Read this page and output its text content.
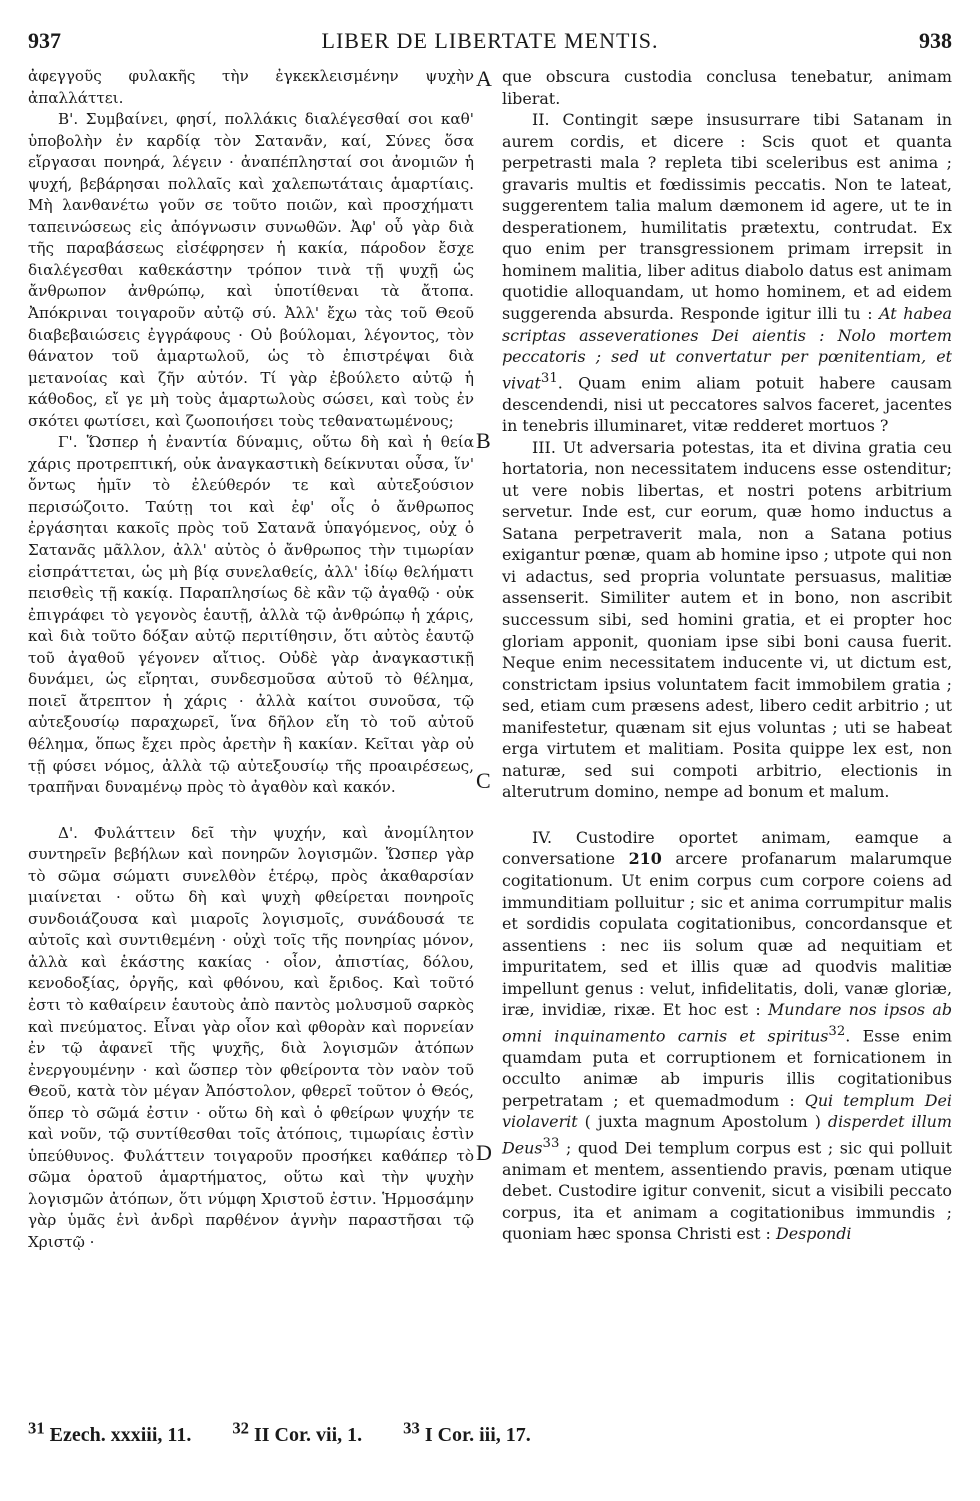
937	LIBER DE LIBERTATE MENTIS.	938

ἀφεγγοῦς φυλακῆς τὴν ἐγκεκλεισμένην ψυχὴν ἀπαλλάττει.

Β'. Συμβαίνει, φησί, πολλάκις διαλέγεσθαί σοι καθ' ὑποβολὴν ἐν καρδίᾳ τὸν Σατανᾶν, καί, Σύνες ὅσα εἴργασαι πονηρά, λέγειν · ἀναπέπλησταί σοι ἀνομιῶν ἡ ψυχή, βεβάρησαι πολλαῖς καὶ χαλεπωτάταις ἁμαρτίαις. Μὴ λανθανέτω γοῦν σε τοῦτο ποιῶν, καὶ προσχήματι ταπεινώσεως εἰς ἀπόγνωσιν συνωθῶν. Ἀφ' οὗ γὰρ διὰ τῆς παραβάσεως εἰσέφρησεν ἡ κακία, πάροδον ἔσχε διαλέγεσθαι καθεκάστην τρόπον τινὰ τῇ ψυχῇ ὡς ἄνθρωπον ἀνθρώπῳ, καὶ ὑποτίθεναι τὰ ἄτοπα. Ἀπόκριναι τοιγαροῦν αὐτῷ σύ. Ἀλλ' ἔχω τὰς τοῦ Θεοῦ διαβεβαιώσεις ἐγγράφους · Οὐ βούλομαι, λέγοντος, τὸν θάνατον τοῦ ἁμαρτωλοῦ, ὡς τὸ ἐπιστρέψαι διὰ μετανοίας καὶ ζῆν αὐτόν. Τί γὰρ ἐβούλετο αὐτῷ ἡ κάθοδος, εἴ γε μὴ τοὺς ἁμαρτωλοὺς σώσει, καὶ τοὺς ἐν σκότει φωτίσει, καὶ ζωοποιήσει τοὺς τεθανατωμένους;

Γ'. Ὥσπερ ἡ ἐναντία δύναμις, οὕτω δὴ καὶ ἡ θεία χάρις προτρεπτική, οὐκ ἀναγκαστικὴ δείκνυται οὖσα, ἵν' ὄντως ἡμῖν τὸ ἐλεύθερόν τε καὶ αὐτεξούσιον περισώζοιτο. Ταύτῃ τοι καὶ ἐφ' οἷς ὁ ἄνθρωπος ἐργάσηται κακοῖς πρὸς τοῦ Σατανᾶ ὑπαγόμενος, οὐχ ὁ Σατανᾶς μᾶλλον, ἀλλ' αὐτὸς ὁ ἄνθρωπος τὴν τιμωρίαν εἰσπράττεται, ὡς μὴ βίᾳ συνελαθείς, ἀλλ' ἰδίῳ θελήματι πεισθεὶς τῇ κακίᾳ. Παραπλησίως δὲ κἂν τῷ ἀγαθῷ · οὐκ ἐπιγράφει τὸ γεγονὸς ἑαυτῇ, ἀλλὰ τῷ ἀνθρώπῳ ἡ χάρις, καὶ διὰ τοῦτο δόξαν αὐτῷ περιτίθησιν, ὅτι αὐτὸς ἑαυτῷ τοῦ ἀγαθοῦ γέγονεν αἴτιος. Οὐδὲ γὰρ ἀναγκαστικῇ δυνάμει, ὡς εἴρηται, συνδεσμοῦσα αὐτοῦ τὸ θέλημα, ποιεῖ ἄτρεπτον ἡ χάρις · ἀλλὰ καίτοι συνοῦσα, τῷ αὐτεξουσίῳ παραχωρεῖ, ἵνα δῆλον εἴη τὸ τοῦ αὐτοῦ θέλημα, ὅπως ἔχει πρὸς ἀρετὴν ἢ κακίαν. Κεῖται γὰρ οὐ τῇ φύσει νόμος, ἀλλὰ τῷ αὐτεξουσίῳ τῆς προαιρέσεως, τραπῆναι δυναμένῳ πρὸς τὸ ἀγαθὸν καὶ κακόν.

Δ'. Φυλάττειν δεῖ τὴν ψυχήν, καὶ ἀνομίλητον συντηρεῖν βεβήλων καὶ πονηρῶν λογισμῶν. Ὥσπερ γὰρ τὸ σῶμα σώματι συνελθὸν ἑτέρῳ, πρὸς ἀκαθαρσίαν μιαίνεται · οὕτω δὴ καὶ ψυχὴ φθείρεται πονηροῖς συνδοιάζουσα καὶ μιαροῖς λογισμοῖς, συνάδουσά τε αὐτοῖς καὶ συντιθεμένη · οὐχὶ τοῖς τῆς πονηρίας μόνον, ἀλλὰ καὶ ἑκάστης κακίας · οἷον, ἀπιστίας, δόλου, κενοδοξίας, ὀργῆς, καὶ φθόνου, καὶ ἔριδος. Καὶ τοῦτό ἐστι τὸ καθαίρειν ἑαυτοὺς ἀπὸ παντὸς μολυσμοῦ σαρκὸς καὶ πνεύματος. Εἶναι γὰρ οἶον καὶ φθορὰν καὶ πορνείαν ἐν τῷ ἀφανεῖ τῆς ψυχῆς, διὰ λογισμῶν ἀτόπων ἐνεργουμένην · καὶ ὥσπερ τὸν φθείροντα τὸν ναὸν τοῦ Θεοῦ, κατὰ τὸν μέγαν Ἀπόστολον, φθερεῖ τοῦτον ὁ Θεός, ὅπερ τὸ σῶμά ἐστιν · οὕτω δὴ καὶ ὁ φθείρων ψυχήν τε καὶ νοῦν, τῷ συντίθεσθαι τοῖς ἀτόποις, τιμωρίαις ἐστὶν ὑπεύθυνος. Φυλάττειν τοιγαροῦν προσήκει καθάπερ τὸ σῶμα ὁρατοῦ ἁμαρτήματος, οὕτω καὶ τὴν ψυχὴν λογισμῶν ἀτόπων, ὅτι νύμφη Χριστοῦ ἐστιν. Ἡρμοσάμην γὰρ ὑμᾶς ἑνὶ ἀνδρὶ παρθένον ἁγνὴν παραστῆσαι τῷ Χριστῷ ·

que obscura custodia conclusa tenebatur, animam liberat.

II. Contingit sæpe insusurrare tibi Satanam in aurem cordis, et dicere : Scis quot et quanta perpetrasti mala ? repleta tibi sceleribus est anima ; gravaris multis et fœdissimis peccatis. Non te lateat, suggerentem talia malum dæmonem id agere, ut te in desperationem, humilitatis prætextu, contrudat. Ex quo enim per transgressionem primam irrepsit in hominem malitia, liber aditus diabolo datus est animam quotidie alloquandam, ut homo hominem, et ad eidem suggerenda absurda. Responde igitur illi tu : At habea scriptas asseverationes Dei aientis : Nolo mortem peccatoris ; sed ut convertatur per pœnitentiam, et vivat$^{31}$. Quam enim aliam potuit habere causam descendendi, nisi ut peccatores salvos faceret, jacentes in tenebris illuminaret, vitæ redderet mortuos ?

III. Ut adversaria potestas, ita et divina gratia ceu hortatoria, non necessitatem inducens esse ostenditur; ut vere nobis libertas, et nostri potens arbitrium servetur. Inde est, cur eorum, quæ homo inductus a Satana perpetraverit mala, non a Satana potius exigantur pœnæ, quam ab homine ipso ; utpote qui non vi adactus, sed propria voluntate persuasus, malitiæ assenserit. Similiter autem et in bono, non ascribit successum sibi, sed homini gratia, et ei propter hoc gloriam apponit, quoniam ipse sibi boni causa fuerit. Neque enim necessitatem inducente vi, ut dictum est, constrictam ipsius voluntatem facit immobilem gratia ; sed, etiam cum præsens adest, libero cedit arbitrio ; ut manifestetur, quænam sit ejus voluntas ; uti se habeat erga virtutem et malitiam. Posita quippe lex est, non naturæ, sed sui compoti arbitrio, electionis in alterutrum domino, nempe ad bonum et malum.

IV. Custodire oportet animam, eamque a conversatione 210 arcere profanarum malarumque cogitationum. Ut enim corpus cum corpore coiens ad immunditiam polluitur ; sic et anima corrumpitur malis et sordidis copulata cogitationibus, concordansque et assentiens : nec iis solum quæ ad nequitiam et impuritatem, sed et illis quæ ad quodvis malitiæ impellunt genus : velut, infidelitatis, doli, vanæ gloriæ, iræ, invidiæ, rixæ. Et hoc est : Mundare nos ipsos ab omni inquinamento carnis et spiritus$^{32}$. Esse enim quamdam puta et corruptionem et fornicationem in occulto animæ ab impuris illis cogitationibus perpetratam ; et quemadmodum : Qui templum Dei violaverit ( juxta magnum Apostolum ) disperdet illum Deus$^{33}$ ; quod Dei templum corpus est ; sic qui polluit animam et mentem, assentiendo pravis, pœnam utique debet. Custodire igitur convenit, sicut a visibili peccato corpus, ita et animam a cogitationibus immundis ; quoniam hæc sponsa Christi est : Despondi

A
B
C
D
$^{31}$ Ezech. xxxiii, 11. $^{32}$ II Cor. vii, 1. $^{33}$ I Cor. iii, 17.
